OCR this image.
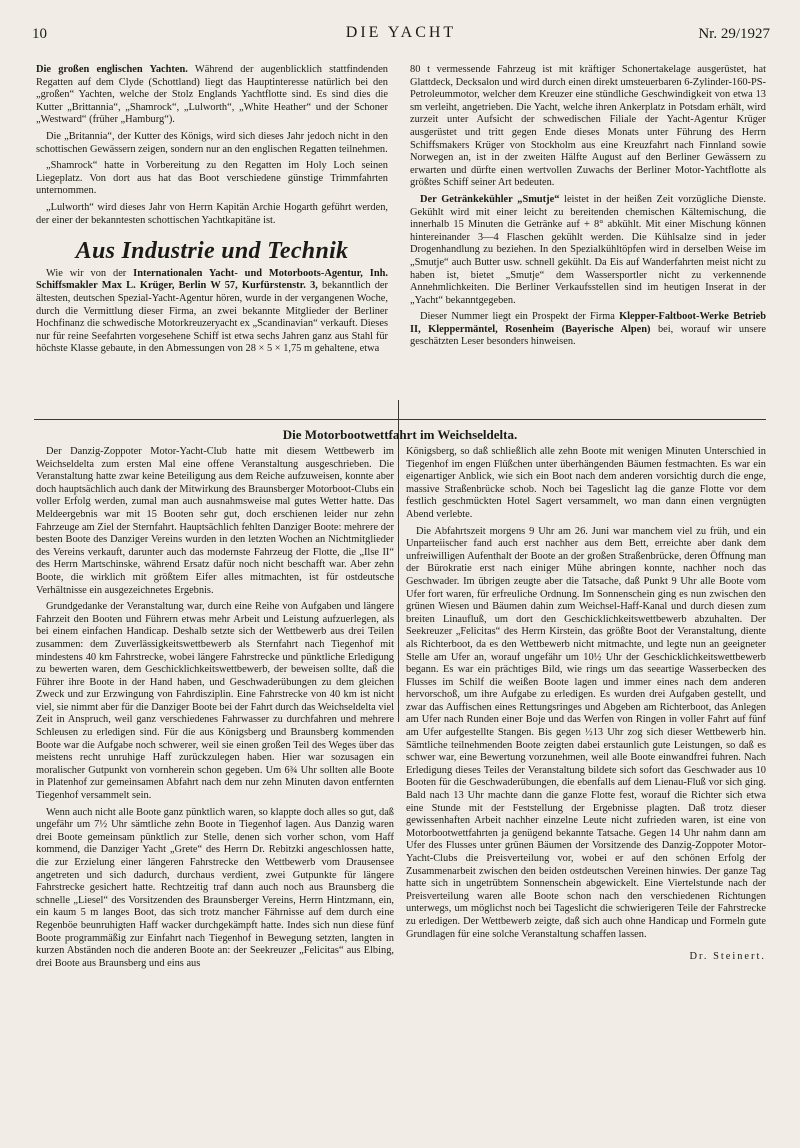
10	DIE YACHT	Nr. 29/1927

Die großen englischen Yachten. Während der augenblicklich stattfindenden Regatten auf dem Clyde (Schottland) liegt das Hauptinteresse natürlich bei den „großen“ Yachten, welche der Stolz Englands Yachtflotte sind. Es sind dies die Kutter „Brittannia“, „Shamrock“, „Lulworth“, „White Heather“ und der Schoner „Westward“ (früher „Hamburg“).

Die „Britannia“, der Kutter des Königs, wird sich dieses Jahr jedoch nicht in den schottischen Gewässern zeigen, sondern nur an den englischen Regatten teilnehmen.

„Shamrock“ hatte in Vorbereitung zu den Regatten im Holy Loch seinen Liegeplatz. Von dort aus hat das Boot verschiedene günstige Trimmfahrten unternommen.

„Lulworth“ wird dieses Jahr von Herrn Kapitän Archie Hogarth geführt werden, der einer der bekanntesten schottischen Yachtkapitäne ist.

Aus Industrie und Technik

Wie wir von der Internationalen Yacht- und Motorboots-Agentur, Inh. Schiffsmakler Max L. Krüger, Berlin W 57, Kurfürstenstr. 3, bekanntlich der ältesten, deutschen Spezial-Yacht-Agentur hören, wurde in der vergangenen Woche, durch die Vermittlung dieser Firma, an zwei bekannte Mitglieder der Berliner Hochfinanz die schwedische Motorkreuzeryacht ex „Scandinavian“ verkauft. Dieses nur für reine Seefahrten vorgesehene Schiff ist etwa sechs Jahren ganz aus Stahl für höchste Klasse gebaute, in den Abmessungen von 28 × 5 × 1,75 m gehaltene, etwa

80 t vermessende Fahrzeug ist mit kräftiger Schonertakelage ausgerüstet, hat Glattdeck, Decksalon und wird durch einen direkt umsteuerbaren 6-Zylinder-160-PS-Petroleummotor, welcher dem Kreuzer eine stündliche Geschwindigkeit von etwa 13 sm verleiht, angetrieben. Die Yacht, welche ihren Ankerplatz in Potsdam erhält, wird zurzeit unter Aufsicht der schwedischen Filiale der Yacht-Agentur Krüger ausgerüstet und tritt gegen Ende dieses Monats unter Führung des Herrn Schiffsmakers Krüger von Stockholm aus eine Kreuzfahrt nach Finnland sowie Norwegen an, ist in der zweiten Hälfte August auf den Berliner Gewässern zu erwarten und dürfte einen wertvollen Zuwachs der Berliner Motor-Yachtflotte als größtes Schiff seiner Art bedeuten.

Der Getränkekühler „Smutje“ leistet in der heißen Zeit vorzügliche Dienste. Gekühlt wird mit einer leicht zu bereitenden chemischen Kältemischung, die innerhalb 15 Minuten die Getränke auf + 8° abkühlt. Mit einer Mischung können hintereinander 3—4 Flaschen gekühlt werden. Die Kühlsalze sind in jeder Drogenhandlung zu beziehen. In den Spezialkühltöpfen wird in derselben Weise im „Smutje“ auch Butter usw. schnell gekühlt. Da Eis auf Wanderfahrten meist nicht zu haben ist, bietet „Smutje“ dem Wassersportler nicht zu verkennende Annehmlichkeiten. Die Berliner Verkaufsstellen sind im heutigen Inserat in der „Yacht“ bekanntgegeben.

Dieser Nummer liegt ein Prospekt der Firma Klepper-Faltboot-Werke Betrieb II, Kleppermäntel, Rosenheim (Bayerische Alpen) bei, worauf wir unsere geschätzten Leser besonders hinweisen.

Die Motorbootwettfahrt im Weichseldelta.

Der Danzig-Zoppoter Motor-Yacht-Club hatte mit diesem Wettbewerb im Weichseldelta zum ersten Mal eine offene Veranstaltung ausgeschrieben. Die Veranstaltung hatte zwar keine Beteiligung aus dem Reiche aufzuweisen, konnte aber doch hauptsächlich auch dank der Mitwirkung des Braunsberger Motorboot-Clubs ein voller Erfolg werden, zumal man auch ausnahmsweise mal gutes Wetter hatte. Das Meldeergebnis war mit 15 Booten sehr gut, doch erschienen leider nur zehn Fahrzeuge am Ziel der Sternfahrt. Hauptsächlich fehlten Danziger Boote: mehrere der besten Boote des Danziger Vereins wurden in den letzten Wochen an Nichtmitglieder des Vereins verkauft, darunter auch das modernste Fahrzeug der Flotte, die „Ilse II“ des Herrn Martschinske, während Ersatz dafür noch nicht beschafft war. Aber zehn Boote, die wirklich mit größtem Eifer alles mitmachten, ist für ostdeutsche Verhältnisse ein ausgezeichnetes Ergebnis.

Grundgedanke der Veranstaltung war, durch eine Reihe von Aufgaben und längere Fahrzeit den Booten und Führern etwas mehr Arbeit und Leistung aufzuerlegen, als bei einem einfachen Handicap. Deshalb setzte sich der Wettbewerb aus drei Teilen zusammen: dem Zuverlässigkeitswettbewerb als Sternfahrt nach Tiegenhof mit mindestens 40 km Fahrstrecke, wobei längere Fahrstrecke und pünktliche Erledigung zu bewerten waren, dem Geschicklichkeitswettbewerb, der beweisen sollte, daß die Führer ihre Boote in der Hand haben, und Geschwaderübungen zu dem gleichen Zweck und zur Erzwingung von Fahrdisziplin. Eine Fahrstrecke von 40 km ist nicht viel, sie nimmt aber für die Danziger Boote bei der Fahrt durch das Weichseldelta viel Zeit in Anspruch, weil ganz verschiedenes Fahrwasser zu durchfahren und mehrere Schleusen zu erledigen sind. Für die aus Königsberg und Braunsberg kommenden Boote war die Aufgabe noch schwerer, weil sie einen großen Teil des Weges über das meistens recht unruhige Haff zurückzulegen haben. Hier war sozusagen ein moralischer Gutpunkt von vornherein schon gegeben. Um 6¾ Uhr sollten alle Boote in Platenhof zur gemeinsamen Abfahrt nach dem nur zehn Minuten davon entfernten Tiegenhof versammelt sein.

Wenn auch nicht alle Boote ganz pünktlich waren, so klappte doch alles so gut, daß ungefähr um 7½ Uhr sämtliche zehn Boote in Tiegenhof lagen. Aus Danzig waren drei Boote gemeinsam pünktlich zur Stelle, denen sich vorher schon, vom Haff kommend, die Danziger Yacht „Grete“ des Herrn Dr. Rebitzki angeschlossen hatte, die zur Erzielung einer längeren Fahrstrecke den Wettbewerb vom Drausensee angetreten und sich dadurch, durchaus verdient, zwei Gutpunkte für längere Fahrstrecke gesichert hatte. Rechtzeitig traf dann auch noch aus Braunsberg die schnelle „Liesel“ des Vorsitzenden des Braunsberger Vereins, Herrn Hintzmann, ein, ein kaum 5 m langes Boot, das sich trotz mancher Fährnisse auf dem durch eine Regenböe beunruhigten Haff wacker durchgekämpft hatte. Indes sich nun diese fünf Boote programmäßig zur Einfahrt nach Tiegenhof in Bewegung setzten, langten in kurzen Abständen noch die anderen Boote an: der Seekreuzer „Felicitas“ aus Elbing, drei Boote aus Braunsberg und eins aus

Königsberg, so daß schließlich alle zehn Boote mit wenigen Minuten Unterschied in Tiegenhof im engen Flüßchen unter überhängenden Bäumen festmachten. Es war ein eigenartiger Anblick, wie sich ein Boot nach dem anderen vorsichtig durch die enge, massive Straßenbrücke schob. Noch bei Tageslicht lag die ganze Flotte vor dem festlich geschmückten Hotel Sagert versammelt, wo man dann einen vergnügten Abend verlebte.

Die Abfahrtszeit morgens 9 Uhr am 26. Juni war manchem viel zu früh, und ein Unparteiischer fand auch erst nachher aus dem Bett, erreichte aber dank dem unfreiwilligen Aufenthalt der Boote an der großen Straßenbrücke, deren Öffnung man der Bürokratie erst nach einiger Mühe abringen konnte, nachher noch das Geschwader. Im übrigen zeugte aber die Tatsache, daß Punkt 9 Uhr alle Boote vom Ufer fort waren, für erfreuliche Ordnung. Im Sonnenschein ging es nun zwischen den grünen Wiesen und Bäumen dahin zum Weichsel-Haff-Kanal und durch diesen zum breiten Linaufluß, um dort den Geschicklichkeitswettbewerb abzuhalten. Der Seekreuzer „Felicitas“ des Herrn Kirstein, das größte Boot der Veranstaltung, diente als Richterboot, da es den Wettbewerb nicht mitmachte, und legte nun an geeigneter Stelle am Ufer an, worauf ungefähr um 10½ Uhr der Geschicklichkeitswettbewerb begann. Es war ein prächtiges Bild, wie rings um das seeartige Wasserbecken des Flusses im Schilf die weißen Boote lagen und immer eines nach dem anderen hervorschoß, um ihre Aufgabe zu erledigen. Es wurden drei Aufgaben gestellt, und zwar das Auffischen eines Rettungsringes und Abgeben am Richterboot, das Anlegen am Ufer nach Runden einer Boje und das Werfen von Ringen in voller Fahrt auf fünf am Ufer aufgestellte Stangen. Bis gegen ½13 Uhr zog sich dieser Wettbewerb hin. Sämtliche teilnehmenden Boote zeigten dabei erstaunlich gute Leistungen, so daß es schwer war, eine Bewertung vorzunehmen, weil alle Boote einwandfrei fuhren. Nach Erledigung dieses Teiles der Veranstaltung bildete sich sofort das Geschwader aus 10 Booten für die Geschwaderübungen, die ebenfalls auf dem Lienau-Fluß vor sich ging. Bald nach 13 Uhr machte dann die ganze Flotte fest, worauf die Richter sich etwa eine Stunde mit der Feststellung der Ergebnisse plagten. Daß trotz dieser gewissenhaften Arbeit nachher einzelne Leute nicht zufrieden waren, ist eine von Motorbootwettfahrten ja genügend bekannte Tatsache. Gegen 14 Uhr nahm dann am Ufer des Flusses unter grünen Bäumen der Vorsitzende des Danzig-Zoppoter Motor-Yacht-Clubs die Preisverteilung vor, wobei er auf den schönen Erfolg der Zusammenarbeit zwischen den beiden ostdeutschen Vereinen hinwies. Der ganze Tag hatte sich in ungetrübtem Sonnenschein abgewickelt. Eine Viertelstunde nach der Preisverteilung waren alle Boote schon nach den verschiedenen Richtungen unterwegs, um möglichst noch bei Tageslicht die schwierigeren Teile der Fahrstrecke zu erledigen. Der Wettbewerb zeigte, daß sich auch ohne Handicap und Formeln gute Grundlagen für eine solche Veranstaltung schaffen lassen.

Dr. Steinert.
